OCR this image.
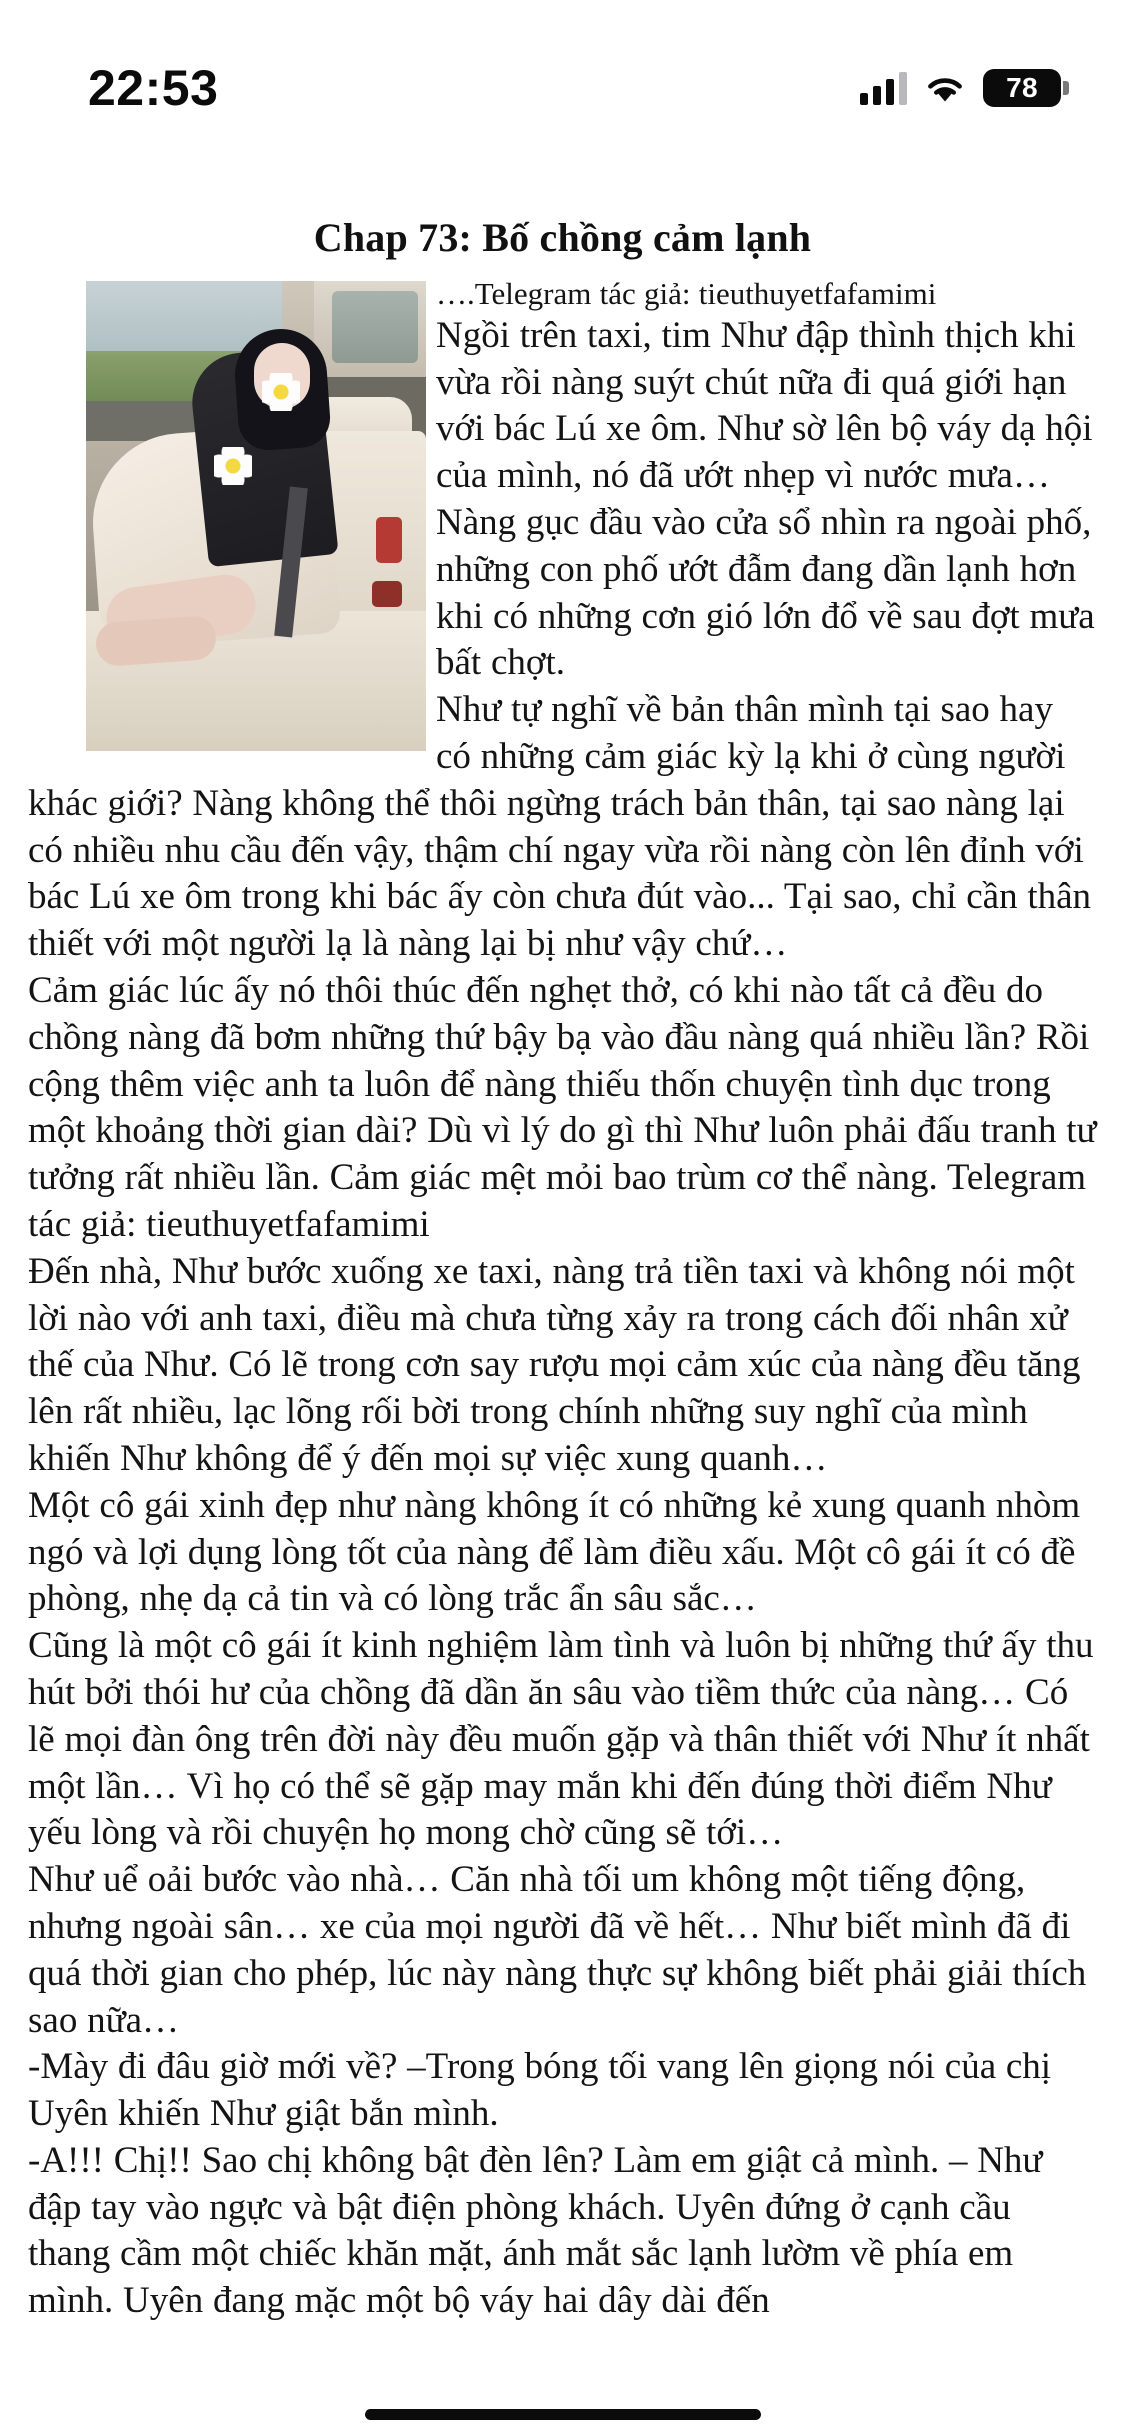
22:53	78
Chap 73: Bố chồng cảm lạnh

….Telegram tác giả: tieuthuyetfafamimi

Ngồi trên taxi, tim Như đập thình thịch khi vừa rồi nàng suýt chút nữa đi quá giới hạn với bác Lú xe ôm. Như sờ lên bộ váy dạ hội của mình, nó đã ướt nhẹp vì nước mưa… Nàng gục đầu vào cửa sổ nhìn ra ngoài phố, những con phố ướt đẫm đang dần lạnh hơn khi có những cơn gió lớn đổ về sau đợt mưa bất chợt.

Như tự nghĩ về bản thân mình tại sao hay có những cảm giác kỳ lạ khi ở cùng người khác giới? Nàng không thể thôi ngừng trách bản thân, tại sao nàng lại có nhiều nhu cầu đến vậy, thậm chí ngay vừa rồi nàng còn lên đỉnh với bác Lú xe ôm trong khi bác ấy còn chưa đút vào... Tại sao, chỉ cần thân thiết với một người lạ là nàng lại bị như vậy chứ…

Cảm giác lúc ấy nó thôi thúc đến nghẹt thở, có khi nào tất cả đều do chồng nàng đã bơm những thứ bậy bạ vào đầu nàng quá nhiều lần? Rồi cộng thêm việc anh ta luôn để nàng thiếu thốn chuyện tình dục trong một khoảng thời gian dài? Dù vì lý do gì thì Như luôn phải đấu tranh tư tưởng rất nhiều lần. Cảm giác mệt mỏi bao trùm cơ thể nàng. Telegram tác giả: tieuthuyetfafamimi

Đến nhà, Như bước xuống xe taxi, nàng trả tiền taxi và không nói một lời nào với anh taxi, điều mà chưa từng xảy ra trong cách đối nhân xử thế của Như. Có lẽ trong cơn say rượu mọi cảm xúc của nàng đều tăng lên rất nhiều, lạc lõng rối bời trong chính những suy nghĩ của mình khiến Như không để ý đến mọi sự việc xung quanh…

Một cô gái xinh đẹp như nàng không ít có những kẻ xung quanh nhòm ngó và lợi dụng lòng tốt của nàng để làm điều xấu. Một cô gái ít có đề phòng, nhẹ dạ cả tin và có lòng trắc ẩn sâu sắc…

Cũng là một cô gái ít kinh nghiệm làm tình và luôn bị những thứ ấy thu hút bởi thói hư của chồng đã dần ăn sâu vào tiềm thức của nàng… Có lẽ mọi đàn ông trên đời này đều muốn gặp và thân thiết với Như ít nhất một lần… Vì họ có thể sẽ gặp may mắn khi đến đúng thời điểm Như yếu lòng và rồi chuyện họ mong chờ cũng sẽ tới…

Như uể oải bước vào nhà… Căn nhà tối um không một tiếng động, nhưng ngoài sân… xe của mọi người đã về hết… Như biết mình đã đi quá thời gian cho phép, lúc này nàng thực sự không biết phải giải thích sao nữa…

-Mày đi đâu giờ mới về? –Trong bóng tối vang lên giọng nói của chị Uyên khiến Như giật bắn mình.

-A!!! Chị!! Sao chị không bật đèn lên? Làm em giật cả mình. – Như đập tay vào ngực và bật điện phòng khách. Uyên đứng ở cạnh cầu thang cầm một chiếc khăn mặt, ánh mắt sắc lạnh lườm về phía em mình. Uyên đang mặc một bộ váy hai dây dài đến
